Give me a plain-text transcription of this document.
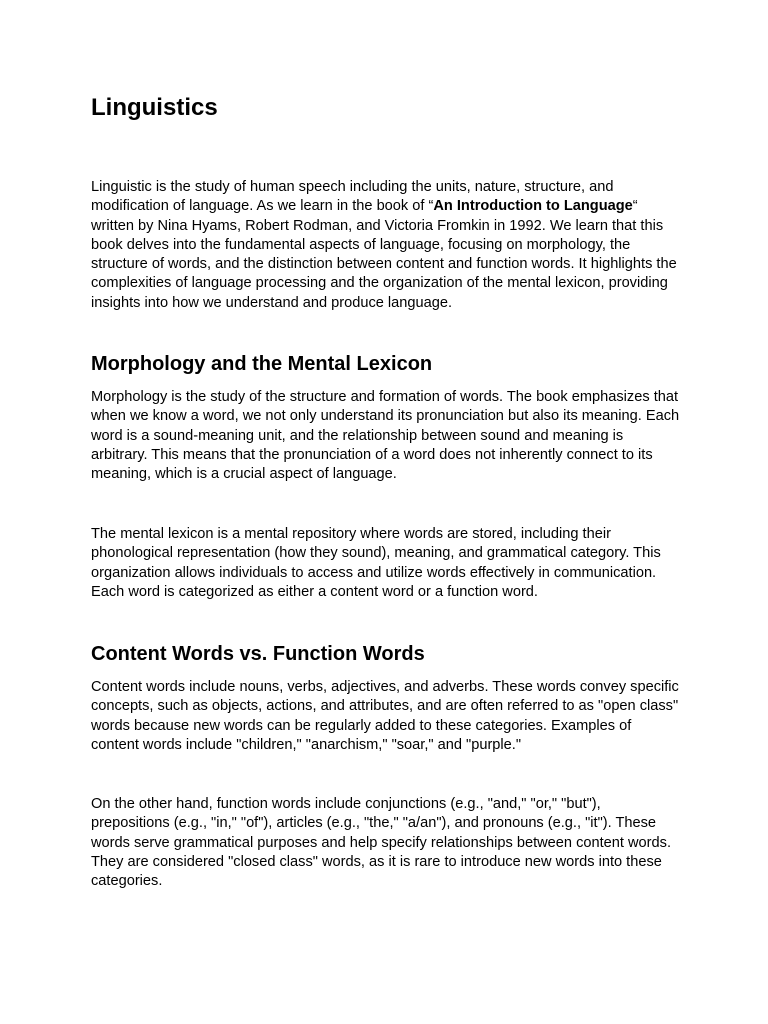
Linguistics

Linguistic is the study of human speech including the units, nature, structure, and modification of language. As we learn in the book of “An Introduction to Language“ written by Nina Hyams, Robert Rodman, and Victoria Fromkin in 1992. We learn that this book delves into the fundamental aspects of language, focusing on morphology, the structure of words, and the distinction between content and function words. It highlights the complexities of language processing and the organization of the mental lexicon, providing insights into how we understand and produce language.

Morphology and the Mental Lexicon

Morphology is the study of the structure and formation of words. The book emphasizes that when we know a word, we not only understand its pronunciation but also its meaning. Each word is a sound-meaning unit, and the relationship between sound and meaning is arbitrary. This means that the pronunciation of a word does not inherently connect to its meaning, which is a crucial aspect of language.

The mental lexicon is a mental repository where words are stored, including their phonological representation (how they sound), meaning, and grammatical category. This organization allows individuals to access and utilize words effectively in communication. Each word is categorized as either a content word or a function word.

Content Words vs. Function Words

Content words include nouns, verbs, adjectives, and adverbs. These words convey specific concepts, such as objects, actions, and attributes, and are often referred to as "open class" words because new words can be regularly added to these categories. Examples of content words include "children," "anarchism," "soar," and "purple."

On the other hand, function words include conjunctions (e.g., "and," "or," "but"), prepositions (e.g., "in," "of"), articles (e.g., "the," "a/an"), and pronouns (e.g., "it"). These words serve grammatical purposes and help specify relationships between content words. They are considered "closed class" words, as it is rare to introduce new words into these categories.
